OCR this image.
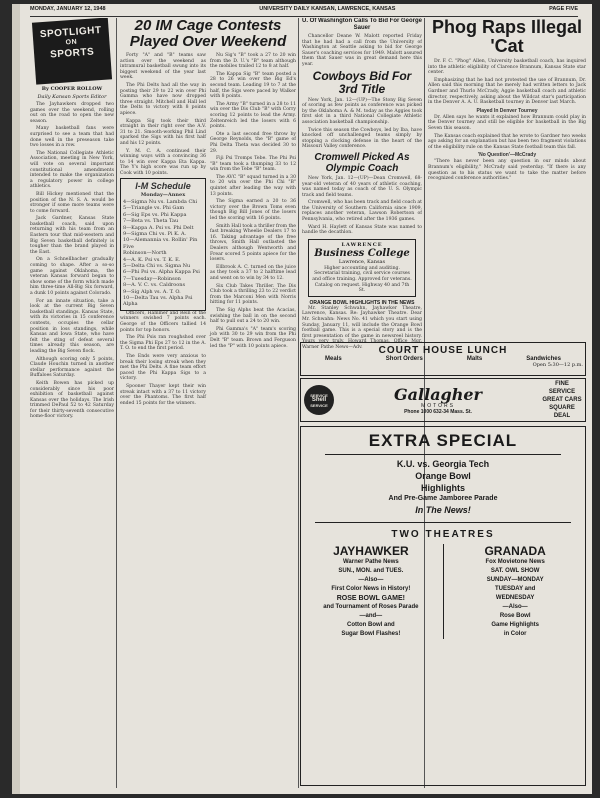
MONDAY, JANUARY 12, 1948	UNIVERSITY DAILY KANSAN, LAWRENCE, KANSAS	PAGE FIVE
SPOTLIGHT
ON
SPORTS
By COOPER ROLLOW
Daily Kansan Sports Editor

The Jayhawkers dropped two games over the weekend, rolling out on the road to open the new season.

Many basketball fans were surprised to see a team that had done well in the preseason take two losses in a row.

The National Collegiate Athletic Association, meeting in New York, will vote on several important constitutional amendments intended to make the organization a regulatory power in college athletics.

Bill Hickey mentioned that the position of the N. S. A. would be stronger if some more teams were to come forward.

Jack Gardner, Kansas State basketball coach, said upon returning with his team from an Eastern tour that mid-western and Big Seven basketball definitely is tougher than the brand played in the East.

On a Schnellbacher gradually coming to shape. After a so-so game against Oklahoma, the veteran Kansas forward began to show some of the form which made him three-time All-Big Six forward, a dunk 10 points against Colorado.

For an innate situation, take a look at the current Big Seven basketball standings. Kansas State, with its victories in 15 conference contests, occupies the cellar position in loss standings, while Kansas and Iowa State, who have felt the sting of defeat several times already this season, are leading the Big Seven flock.

Although scoring only 5 points, Claude Houchin turned in another stellar performance against the Buffaloes Saturday.

Keith Bowen has picked up considerably since his poor exhibition of basketball against Kansas over the holidays. The Irish trimmed DePaul 52 to 42 Saturday for their thirty-seventh consecutive home-floor victory.

20 IM Cage Contests Played Over Weekend

Forty "A" and "B" teams saw action over the weekend as intramural basketball swung into its biggest weekend of the year last week.

The Phi Delts had all the way in posting their 29 to 22 win over Phi Gamma who have now dropped three straight. Mitchell and Hall led the Delts to victory with 8 points apiece.

Kappa Sig took their third straight in their right over the A.V. 31 to 21. Smooth-working Phil Lind sparked the Sigs with his first half and his 12 points.

Y. M. C. A. continued their winning ways with a convincing 36 to 14 win over Kappa Eta Kappa. The Y's high score was run up by Cook with 10 points.

I-M Schedule
Monday—Annex
4—Sigma Nu vs. Lambda Chi
5—Triangle vs. Phi Gam
6—Sig Eps vs. Phi Kappa
7—Beta vs. Theta Tau
8—Kappa A. Psi vs. Phi Delt
9—Sigma Chi vs. Pi K. A.
10—Alemannia vs. Rollin' Pin Five
Robinson—North
4—A. K. Psi vs. T. K. E.
5—Delta Chi vs. Sigma Nu
6—Phi Psi vs. Alpha Kappa Psi
7—Tuesday—Robinson
8—A. V. C. vs. Caldroons
9—Sig Alph vs. A. T. O.
10—Delta Tau vs. Alpha Psi Alpha

Officers, Hammer and Rein of the winners swished 7 points each. George of the Officers tallied 14 points for top honors.

The Phi Psis ran roughshod over the Sigma Phi Eps 27 to 12 in the A. T. O. to end the first period.

The Ends were very anxious to break their losing streak when they met the Phi Delts. A fine team effort paced the Phi Kappa Sigs to a victory.

Spooner Thayer kept their win streak intact with a 37 to 11 victory over the Phantoms. The first half ended 15 points for the winners.

Nu Sig's "B" took a 27 to 20 win from the D. U.'s "B" team although the mobiles trailed 12 to 8 at half.

The Kappa Sig "B" team posted a 28 to 26 win over the Big Ed's second team. Leading 19 to 7 at the half, the Sigs were paced by Walker with 8 points.

The Army "B" turned in a 28 to 11 win over the Dis Club "B" with Corry scoring 12 points to lead the Army. Zeltenreich led the losers with 6 points.

Ote a last second free throw by George Reynolds, the "B" game of Phi Delta Theta was decided 30 to 29.

Fiji Psi Tromps Tebe. The Phi Psi "B" team took a thumping 33 to 12 win from the Tebe "B" team.

The AVC "B" squad turned in a 30 to 20 win over the Phi Chi "B" quintet after leading the way with 13 points.

The Sigma earned a 20 to 36 victory over the Brown Toms even though Big Bill Jones of the losers led the scoring with 16 points.

Smith Hall took a thriller from the fast breaking Wheelie Dealers 17 to 16. Taking advantage of the free throws, Smith Hall outlasted the Dealers although Wentworth and Frear scored 5 points apiece for the losers.

Ellbrook A. C. turned on the juice as they took a 37 to 2 halftime lead and went on to win by 34 to 12.

Six Club Takes Thriller. The Dis Club took a thrilling 23 to 22 verdict from the Marconi Men with Norris hitting for 11 points.

The Sig Alphs beat the Acacias, swishing the ball in on the second half to pull out a 24 to 20 win.

Phi Gamma's "A" team's scoring job with 30 to 29 win from the Phi Delt "B" team. Brown and Ferguson led the "P" with 10 points apiece.

U. Of Washington Calls To Bid For George Sauer

Chancellor Deane W. Malott reported Friday that he had had a call from the University of Washington at Seattle asking to bid for George Sauer's coaching services for 1949. Malott assured them that Sauer was in great demand here this year.

Cowboys Bid For 3rd Title

New York, Jan. 12—(UP)—The Stony Big Seven of scoring as few points as conference was picked by the Oklahoma A. & M. today as the Aggies took first slot in a third National Collegiate Athletic association basketball championship.

Twice this season the Cowboys, led by Iba, have knocked off unchallenged teams simply by stopping a clocking defense in the heart of the Missouri Valley conference.

Cromwell Picked As Olympic Coach

New York, Jan. 12—(UP)—Dean Cromwell, 68-year-old veteran of 40 years of athletic coaching, was named today as coach of the U. S. Olympic track and field teams.

Cromwell, who has been track and field coach at the University of Southern California since 1909, replaces another veteran, Lawson Robertson of Pennsylvania, who retired after the 1936 games.

Ward H. Haylett of Kansas State was named to handle the decathlon.

LAWRENCE
Business College
Lawrence, Kansas
Higher accounting and auditing. Secretarial training, civil service courses and office training. Approved for veterans. Catalog on request. Highway 40 and 7th St.
ORANGE BOWL HIGHLIGHTS IN THE NEWS

Mr. Stanley Schwahn, Jayhawker Theatre, Lawrence, Kansas. Re: Jayhawker Theatre. Dear Mr. Schwahn: News No. 41 which you start using Sunday, January 11, will include the Orange Bowl football game. This is a special story and is the first presentation of the game in newsreel history. Yours very truly, Howard Thomas, Office Mgr. Warner Pathe News—Adv.

Phog Raps Illegal 'Cat

Dr. F. C. "Phog" Allen, University basketball coach, has inquired into the athletic eligibility of Clarence Brannum, Kansas State star center.

Emphasizing that he had not protested the use of Brannum, Dr. Allen said this morning that he merely had written letters to Jack Gardner and Thurlo McCrady, Aggie basketball coach and athletic director, respectively, asking about the Wildcat star's participation in the Denver A. A. U. Basketball tourney in Denver last March.

Played In Denver Tourney

Dr. Allen says he wants it explained how Brannum could play in the Denver tourney and still be eligible for basketball in the Big Seven this season.

The Kansas coach explained that he wrote to Gardner two weeks ago asking for an explanation but has been two fragment violations of the eligibility rule on the Kansas State football team this fall.

'No Question'—McCrady

"There has never been any question in our minds about Brannum's eligibility," McCrady said yesterday. "If there is any question as to his status we want to take the matter before recognized conference authorities."

COURT HOUSE LUNCH
Meals	Short Orders	Malts	Sandwiches
Open 5:30—12 p.m.
SERVICE
Shell
SERVICE
Gallagher
MOTORS
Phone 1000 632-34 Mass. St.
FINE SERVICE
GREAT CARS
SQUARE DEAL
EXTRA SPECIAL
K.U. vs. Georgia Tech
Orange Bowl
Highlights
And Pre-Game Jamboree Parade
In The News!
TWO THEATRES
JAYHAWKER
Warner Pathe News
SUN., MON. and TUES.
—Also—
First Color News in History!
ROSE BOWL GAME!
and Tournament of Roses Parade
—and—
Cotton Bowl and
Sugar Bowl Flashes!
GRANADA
Fox Movietone News
SAT. OWL SHOW
SUNDAY—MONDAY
TUESDAY and
WEDNESDAY
—Also—
Rose Bowl
Game Highlights
in Color
